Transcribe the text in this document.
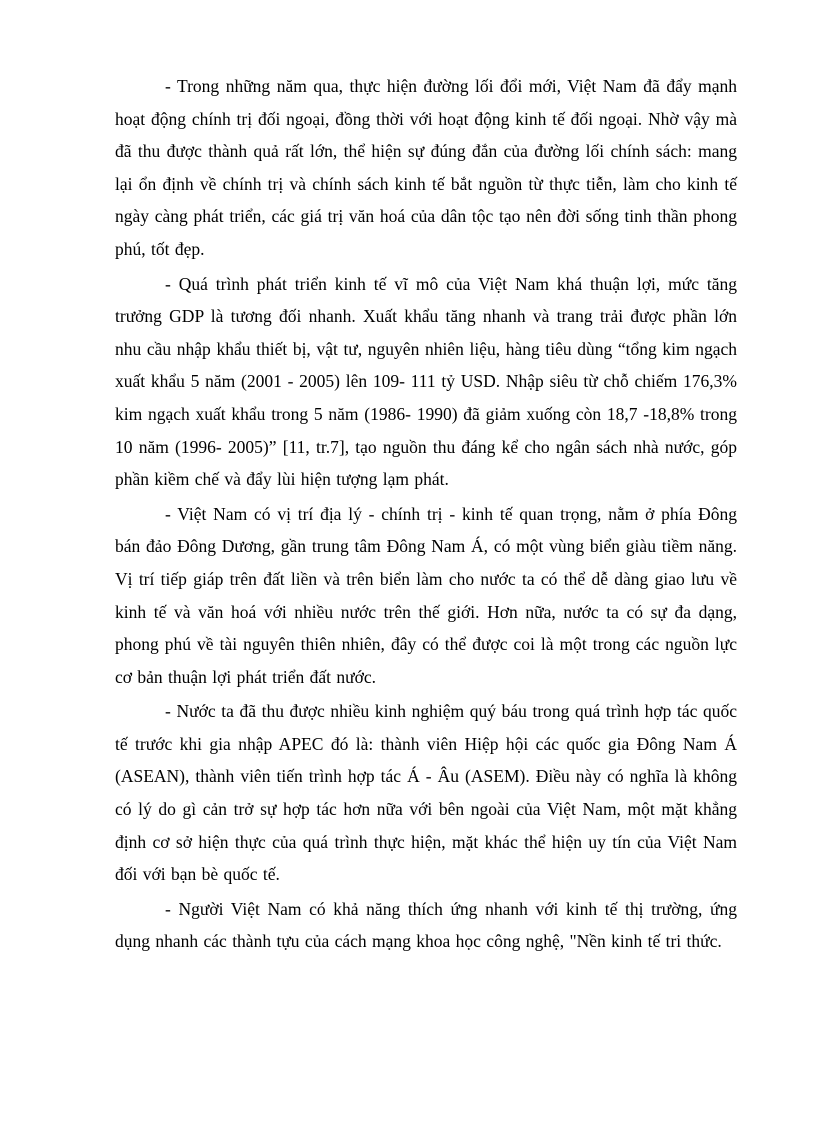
- Trong những năm qua, thực hiện đường lối đổi mới, Việt Nam đã đẩy mạnh hoạt động chính trị đối ngoại, đồng thời với hoạt động kinh tế đối ngoại. Nhờ vậy mà đã thu được thành quả rất lớn, thể hiện sự đúng đắn của đường lối chính sách: mang lại ổn định về chính trị và chính sách kinh tế bắt nguồn từ thực tiễn, làm cho kinh tế ngày càng phát triển, các giá trị văn hoá của dân tộc tạo nên đời sống tinh thần phong phú, tốt đẹp.

- Quá trình phát triển kinh tế vĩ mô của Việt Nam khá thuận lợi, mức tăng trưởng GDP là tương đối nhanh. Xuất khẩu tăng nhanh và trang trải được phần lớn nhu cầu nhập khẩu thiết bị, vật tư, nguyên nhiên liệu, hàng tiêu dùng “tổng kim ngạch xuất khẩu 5 năm (2001 - 2005) lên 109- 111 tỷ USD. Nhập siêu từ chỗ chiếm 176,3% kim ngạch xuất khẩu trong 5 năm (1986- 1990) đã giảm xuống còn 18,7 -18,8% trong 10 năm (1996- 2005)” [11, tr.7], tạo nguồn thu đáng kể cho ngân sách nhà nước, góp phần kiềm chế và đẩy lùi hiện tượng lạm phát.

- Việt Nam có vị trí địa lý - chính trị - kinh tế quan trọng, nằm ở phía Đông bán đảo Đông Dương, gần trung tâm Đông Nam Á, có một vùng biển giàu tiềm năng. Vị trí tiếp giáp trên đất liền và trên biển làm cho nước ta có thể dễ dàng giao lưu về kinh tế và văn hoá với nhiều nước trên thế giới. Hơn nữa, nước ta có sự đa dạng, phong phú về tài nguyên thiên nhiên, đây có thể được coi là một trong các nguồn lực cơ bản thuận lợi phát triển đất nước.

- Nước ta đã thu được nhiều kinh nghiệm quý báu trong quá trình hợp tác quốc tế trước khi gia nhập APEC đó là: thành viên Hiệp hội các quốc gia Đông Nam Á (ASEAN), thành viên tiến trình hợp tác Á - Âu (ASEM). Điều này có nghĩa là không có lý do gì cản trở sự hợp tác hơn nữa với bên ngoài của Việt Nam, một mặt khẳng định cơ sở hiện thực của quá trình thực hiện, mặt khác thể hiện uy tín của Việt Nam đối với bạn bè quốc tế.

- Người Việt Nam có khả năng thích ứng nhanh với kinh tế thị trường, ứng dụng nhanh các thành tựu của cách mạng khoa học công nghệ, "Nền kinh tế tri thức.
